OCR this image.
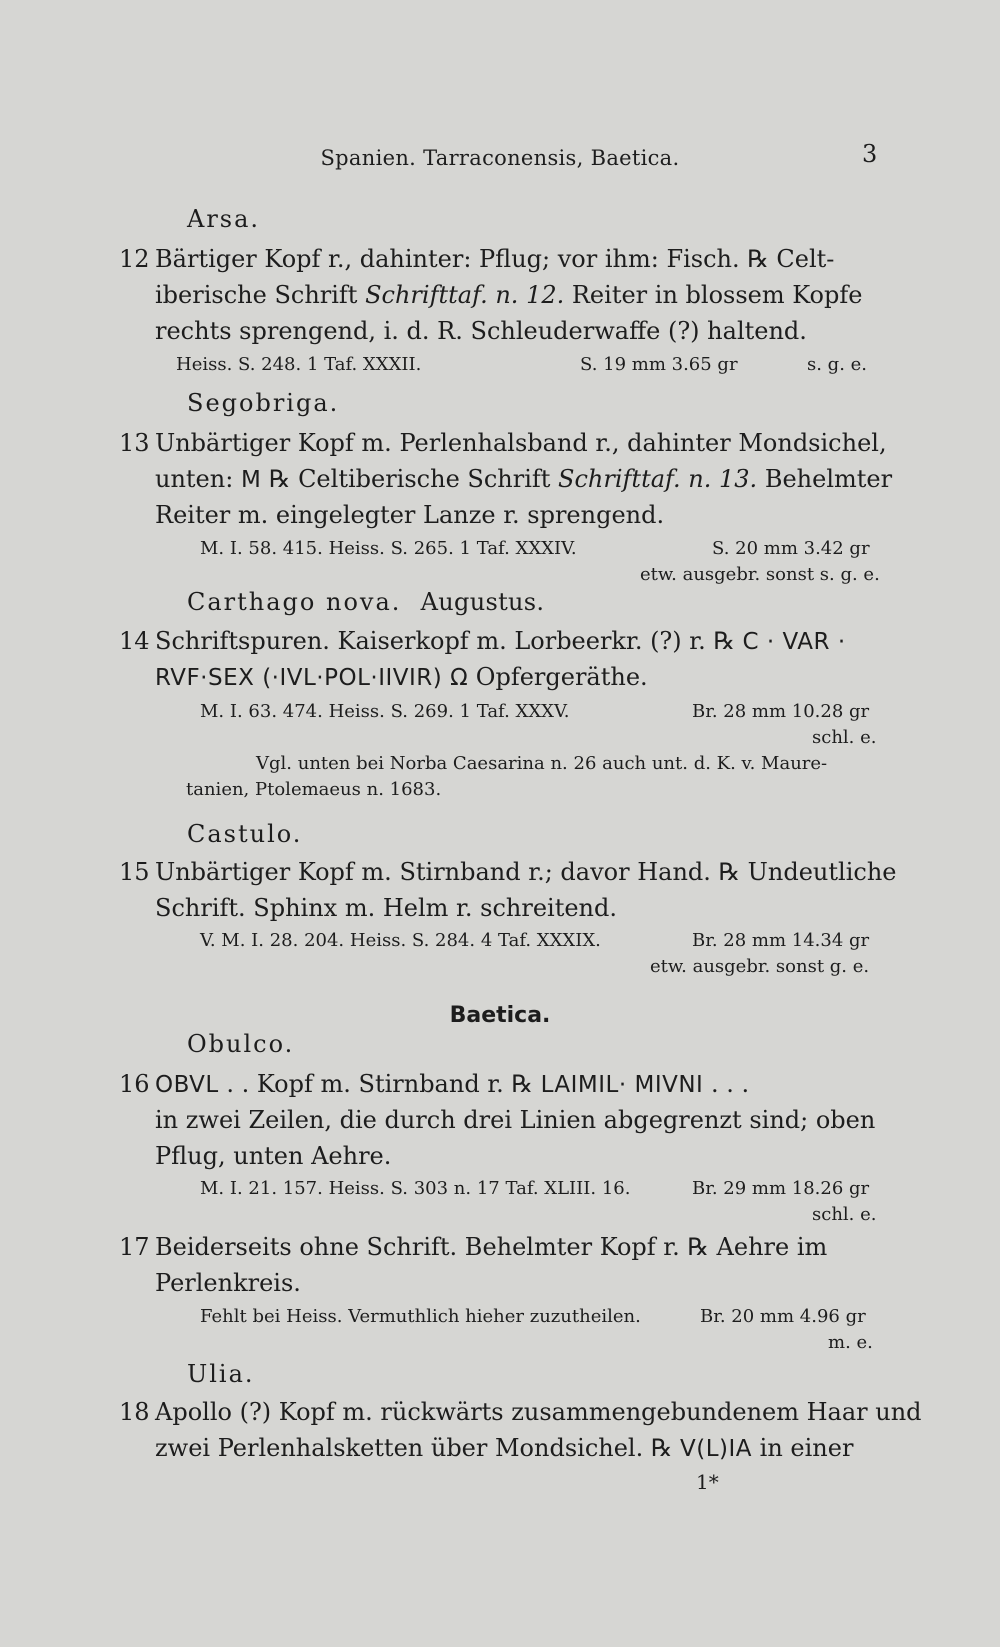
Spanien. Tarraconensis, Baetica.	3
Arsa.
12 Bärtiger Kopf r., dahinter: Pflug; vor ihm: Fisch. ℞ Celt-
iberische Schrift Schrifttaf. n. 12. Reiter in blossem Kopfe
rechts sprengend, i. d. R. Schleuderwaffe (?) haltend.
Heiss. S. 248. 1 Taf. XXXII.	S. 19 mm 3.65 gr	s. g. e.
Segobriga.
13 Unbärtiger Kopf m. Perlenhalsband r., dahinter Mondsichel,
unten: M ℞ Celtiberische Schrift Schrifttaf. n. 13. Behelmter
Reiter m. eingelegter Lanze r. sprengend.
M. I. 58. 415. Heiss. S. 265. 1 Taf. XXXIV.	S. 20 mm 3.42 gr
etw. ausgebr. sonst s. g. e.
Carthago nova. Augustus.
14 Schriftspuren. Kaiserkopf m. Lorbeerkr. (?) r. ℞ C · VAR ·
RVF·SEX (·IVL·POL·IIVIR) Ω Opfergeräthe.
M. I. 63. 474. Heiss. S. 269. 1 Taf. XXXV.	Br. 28 mm 10.28 gr
schl. e.
Vgl. unten bei Norba Caesarina n. 26 auch unt. d. K. v. Maure-
tanien, Ptolemaeus n. 1683.
Castulo.
15 Unbärtiger Kopf m. Stirnband r.; davor Hand. ℞ Undeutliche
Schrift. Sphinx m. Helm r. schreitend.
V. M. I. 28. 204. Heiss. S. 284. 4 Taf. XXXIX.	Br. 28 mm 14.34 gr
etw. ausgebr. sonst g. e.
Baetica.
Obulco.
16 OBVL . . Kopf m. Stirnband r. ℞ LAIMIL· MIVNI . . .
in zwei Zeilen, die durch drei Linien abgegrenzt sind; oben
Pflug, unten Aehre.
M. I. 21. 157. Heiss. S. 303 n. 17 Taf. XLIII. 16.	Br. 29 mm 18.26 gr
schl. e.
17 Beiderseits ohne Schrift. Behelmter Kopf r. ℞ Aehre im
Perlenkreis.
Fehlt bei Heiss. Vermuthlich hieher zuzutheilen.	Br. 20 mm 4.96 gr
m. e.
Ulia.
18 Apollo (?) Kopf m. rückwärts zusammengebundenem Haar und
zwei Perlenhalsketten über Mondsichel. ℞ V(L)IA in einer
1*
